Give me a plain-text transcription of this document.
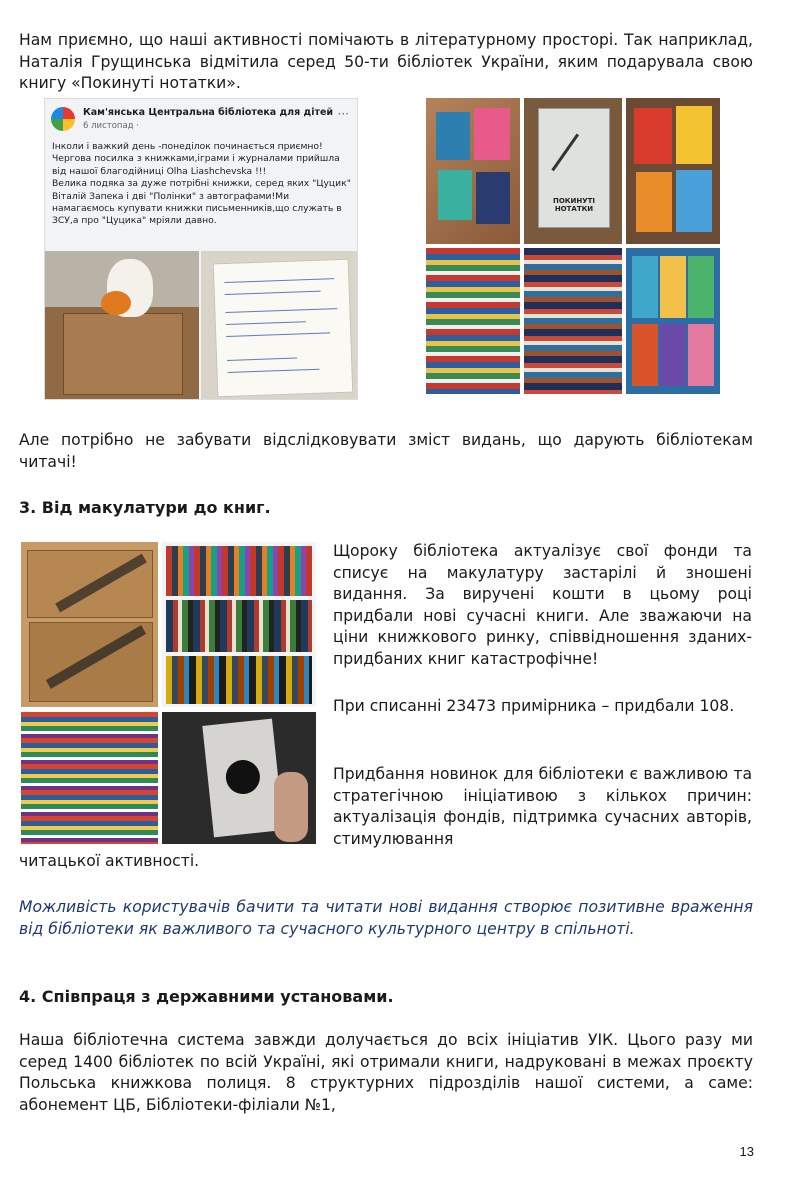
Нам приємно, що наші активності помічають в літературному просторі. Так наприклад, Наталія Грущинська відмітила серед 50-ти бібліотек України, яким подарувала свою книгу «Покинуті нотатки».

Кам'янська Центральна бібліотека для дітей
6 листопад ·
···
Інколи і важкий день -понеділок починається приємно!Чергова посилка з книжками,іграми і журналами прийшла від нашої благодійниці Olha Liashchevska !!!
Велика подяка за дуже потрібні книжки, серед яких "Цуцик" Віталій Запека і дві "Полінки" з автографами!Ми намагаємось купувати книжки письменників,що служать в ЗСУ,а про "Цуцика" мріяли давно.
ПОКИНУТІ НОТАТКИ

Але потрібно не забувати відслідковувати зміст видань, що дарують бібліотекам читачі!

3. Від макулатури до книг.

Щороку бібліотека актуалізує свої фонди та списує на макулатуру застарілі й зношені видання. За виручені кошти в цьому році придбали нові сучасні книги. Але зважаючи на ціни книжкового ринку, співвідношення зданих-придбаних книг катастрофічне!

При списанні 23473 примірника – придбали 108.

Придбання новинок для бібліотеки є важливою та стратегічною ініціативою з кількох причин: актуалізація фондів, підтримка сучасних авторів, стимулювання

читацької активності.

Можливість користувачів бачити та читати нові видання створює позитивне враження від бібліотеки як важливого та сучасного культурного центру в спільноті.

4. Співпраця з державними установами.

Наша бібліотечна система завжди долучається до всіх ініціатив УІК. Цього разу ми серед 1400 бібліотек по всій Україні, які отримали книги, надруковані в межах проєкту Польська книжкова полиця. 8 структурних підрозділів нашої системи, а саме: абонемент ЦБ, Бібліотеки-філіали №1,

13
